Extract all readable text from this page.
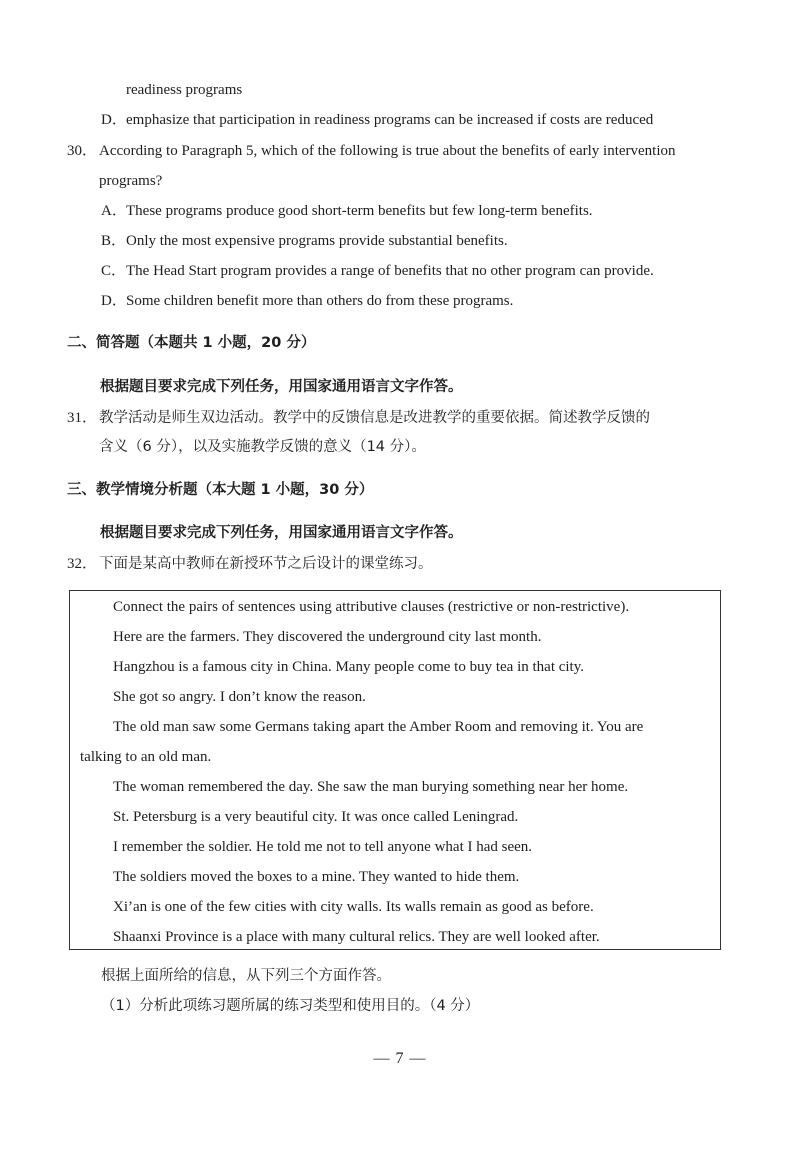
readiness programs
D．emphasize that participation in readiness programs can be increased if costs are reduced
30． According to Paragraph 5, which of the following is true about the benefits of early intervention
programs?
A．These programs produce good short-term benefits but few long-term benefits.
B．Only the most expensive programs provide substantial benefits.
C．The Head Start program provides a range of benefits that no other program can provide.
D．Some children benefit more than others do from these programs.
二、简答题（本题共 1 小题，20 分）
根据题目要求完成下列任务，用国家通用语言文字作答。
31． 教学活动是师生双边活动。教学中的反馈信息是改进教学的重要依据。简述教学反馈的
含义（6 分），以及实施教学反馈的意义（14 分）。
三、教学情境分析题（本大题 1 小题，30 分）
根据题目要求完成下列任务，用国家通用语言文字作答。
32． 下面是某高中教师在新授环节之后设计的课堂练习。
Connect the pairs of sentences using attributive clauses (restrictive or non-restrictive).
Here are the farmers. They discovered the underground city last month.
Hangzhou is a famous city in China. Many people come to buy tea in that city.
She got so angry. I don’t know the reason.
The old man saw some Germans taking apart the Amber Room and removing it. You are
talking to an old man.
The woman remembered the day. She saw the man burying something near her home.
St. Petersburg is a very beautiful city. It was once called Leningrad.
I remember the soldier. He told me not to tell anyone what I had seen.
The soldiers moved the boxes to a mine. They wanted to hide them.
Xi’an is one of the few cities with city walls. Its walls remain as good as before.
Shaanxi Province is a place with many cultural relics. They are well looked after.
根据上面所给的信息，从下列三个方面作答。
（1）分析此项练习题所属的练习类型和使用目的。（4 分）
— 7 —
